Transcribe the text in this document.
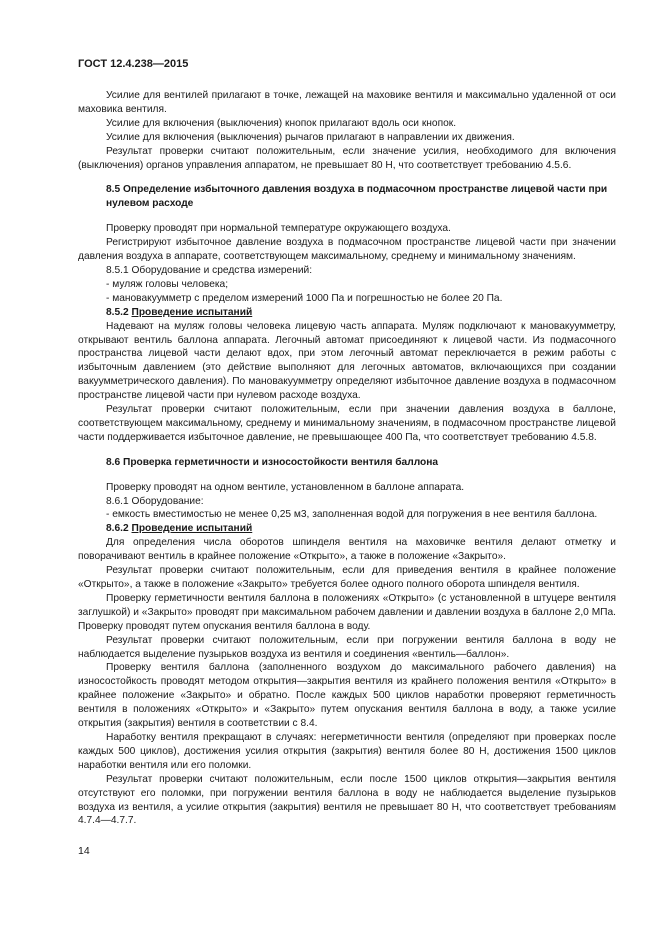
ГОСТ 12.4.238—2015

Усилие для вентилей прилагают в точке, лежащей на маховике вентиля и максимально удаленной от оси маховика вентиля.

Усилие для включения (выключения) кнопок прилагают вдоль оси кнопок.

Усилие для включения (выключения) рычагов прилагают в направлении их движения.

Результат проверки считают положительным, если значение усилия, необходимого для включения (выключения) органов управления аппаратом, не превышает 80 Н, что соответствует требованию 4.5.6.

8.5 Определение избыточного давления воздуха в подмасочном пространстве лицевой части при нулевом расходе

Проверку проводят при нормальной температуре окружающего воздуха.

Регистрируют избыточное давление воздуха в подмасочном пространстве лицевой части при значении давления воздуха в аппарате, соответствующем максимальному, среднему и минимальному значениям.

8.5.1 Оборудование и средства измерений:

- муляж головы человека;

- мановакуумметр с пределом измерений 1000 Па и погрешностью не более 20 Па.

8.5.2 Проведение испытаний

Надевают на муляж головы человека лицевую часть аппарата. Муляж подключают к мановакуумметру, открывают вентиль баллона аппарата. Легочный автомат присоединяют к лицевой части. Из подмасочного пространства лицевой части делают вдох, при этом легочный автомат переключается в режим работы с избыточным давлением (это действие выполняют для легочных автоматов, включающихся при создании вакуумметрического давления). По мановакуумметру определяют избыточное давление воздуха в подмасочном пространстве лицевой части при нулевом расходе воздуха.

Результат проверки считают положительным, если при значении давления воздуха в баллоне, соответствующем максимальному, среднему и минимальному значениям, в подмасочном пространстве лицевой части поддерживается избыточное давление, не превышающее 400 Па, что соответствует требованию 4.5.8.

8.6 Проверка герметичности и износостойкости вентиля баллона

Проверку проводят на одном вентиле, установленном в баллоне аппарата.

8.6.1 Оборудование:

- емкость вместимостью не менее 0,25 м3, заполненная водой для погружения в нее вентиля баллона.

8.6.2 Проведение испытаний

Для определения числа оборотов шпинделя вентиля на маховичке вентиля делают отметку и поворачивают вентиль в крайнее положение «Открыто», а также в положение «Закрыто».

Результат проверки считают положительным, если для приведения вентиля в крайнее положение «Открыто», а также в положение «Закрыто» требуется более одного полного оборота шпинделя вентиля.

Проверку герметичности вентиля баллона в положениях «Открыто» (с установленной в штуцере вентиля заглушкой) и «Закрыто» проводят при максимальном рабочем давлении и давлении воздуха в баллоне 2,0 МПа. Проверку проводят путем опускания вентиля баллона в воду.

Результат проверки считают положительным, если при погружении вентиля баллона в воду не наблюдается выделение пузырьков воздуха из вентиля и соединения «вентиль—баллон».

Проверку вентиля баллона (заполненного воздухом до максимального рабочего давления) на износостойкость проводят методом открытия—закрытия вентиля из крайнего положения вентиля «Открыто» в крайнее положение «Закрыто» и обратно. После каждых 500 циклов наработки проверяют герметичность вентиля в положениях «Открыто» и «Закрыто» путем опускания вентиля баллона в воду, а также усилие открытия (закрытия) вентиля в соответствии с 8.4.

Наработку вентиля прекращают в случаях: негерметичности вентиля (определяют при проверках после каждых 500 циклов), достижения усилия открытия (закрытия) вентиля более 80 Н, достижения 1500 циклов наработки вентиля или его поломки.

Результат проверки считают положительным, если после 1500 циклов открытия—закрытия вентиля отсутствуют его поломки, при погружении вентиля баллона в воду не наблюдается выделение пузырьков воздуха из вентиля, а усилие открытия (закрытия) вентиля не превышает 80 Н, что соответствует требованиям 4.7.4—4.7.7.

14
